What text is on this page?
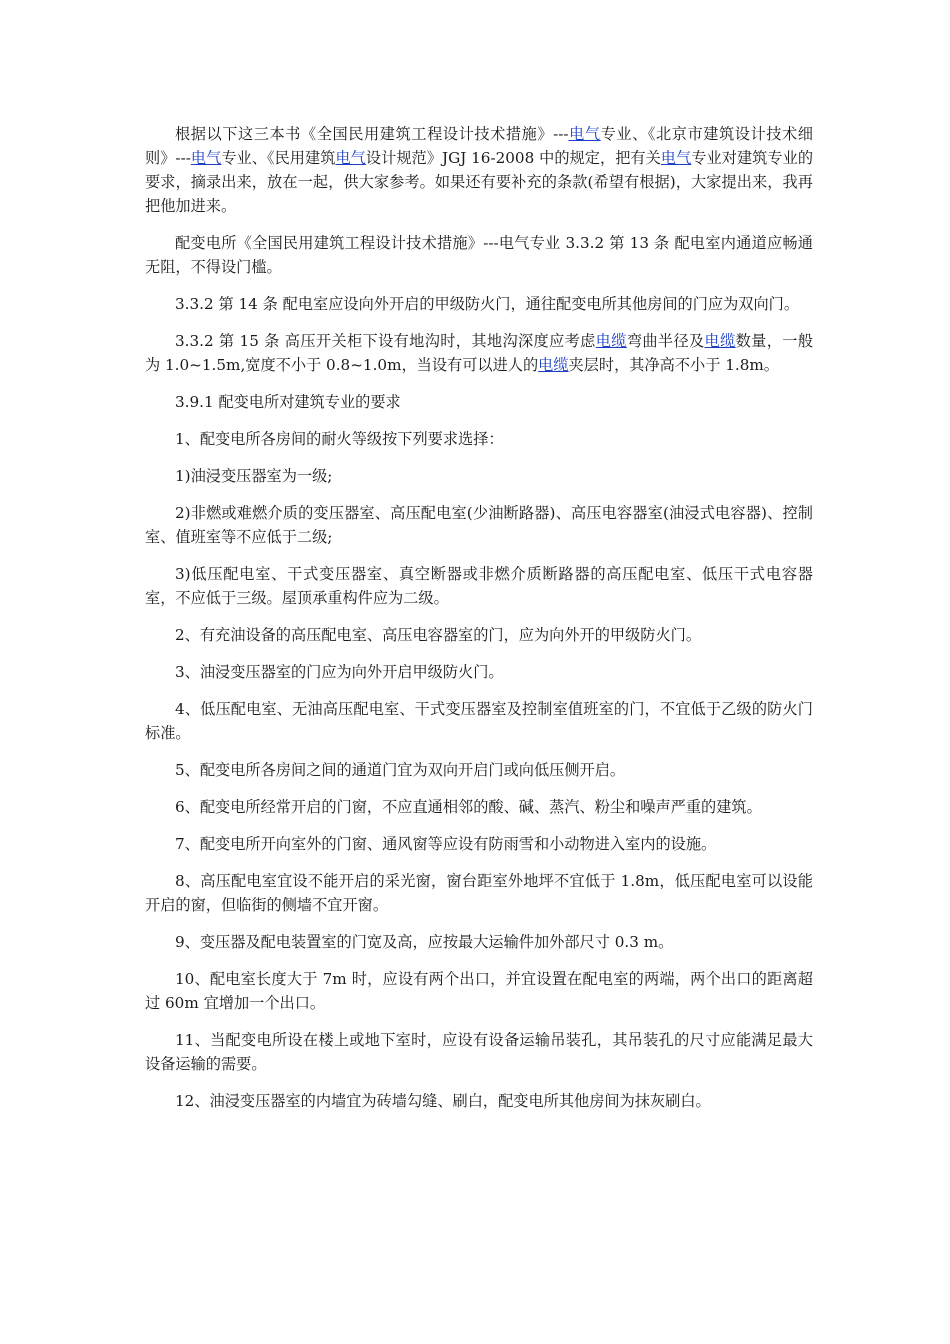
根据以下这三本书《全国民用建筑工程设计技术措施》---电气专业、《北京市建筑设计技术细则》---电气专业、《民用建筑电气设计规范》JGJ 16-2008 中的规定，把有关电气专业对建筑专业的要求，摘录出来，放在一起，供大家参考。如果还有要补充的条款(希望有根据)，大家提出来，我再把他加进来。

配变电所《全国民用建筑工程设计技术措施》---电气专业 3.3.2 第 13 条 配电室内通道应畅通无阻，不得设门槛。

3.3.2 第 14 条 配电室应设向外开启的甲级防火门，通往配变电所其他房间的门应为双向门。

3.3.2 第 15 条 高压开关柜下设有地沟时，其地沟深度应考虑电缆弯曲半径及电缆数量，一般为 1.0~1.5m,宽度不小于 0.8~1.0m，当设有可以进人的电缆夹层时，其净高不小于 1.8m。

3.9.1 配变电所对建筑专业的要求

1、配变电所各房间的耐火等级按下列要求选择：

1)油浸变压器室为一级;

2)非燃或难燃介质的变压器室、高压配电室(少油断路器)、高压电容器室(油浸式电容器)、控制室、值班室等不应低于二级;

3)低压配电室、干式变压器室、真空断器或非燃介质断路器的高压配电室、低压干式电容器室，不应低于三级。屋顶承重构件应为二级。

2、有充油设备的高压配电室、高压电容器室的门，应为向外开的甲级防火门。

3、油浸变压器室的门应为向外开启甲级防火门。

4、低压配电室、无油高压配电室、干式变压器室及控制室值班室的门，不宜低于乙级的防火门标准。

5、配变电所各房间之间的通道门宜为双向开启门或向低压侧开启。

6、配变电所经常开启的门窗，不应直通相邻的酸、碱、蒸汽、粉尘和噪声严重的建筑。

7、配变电所开向室外的门窗、通风窗等应设有防雨雪和小动物进入室内的设施。

8、高压配电室宜设不能开启的采光窗，窗台距室外地坪不宜低于 1.8m，低压配电室可以设能开启的窗，但临街的侧墙不宜开窗。

9、变压器及配电装置室的门宽及高，应按最大运输件加外部尺寸 0.3 m。

10、配电室长度大于 7m 时，应设有两个出口，并宜设置在配电室的两端，两个出口的距离超过 60m 宜增加一个出口。

11、当配变电所设在楼上或地下室时，应设有设备运输吊装孔，其吊装孔的尺寸应能满足最大设备运输的需要。

12、油浸变压器室的内墙宜为砖墙勾缝、刷白，配变电所其他房间为抹灰刷白。
